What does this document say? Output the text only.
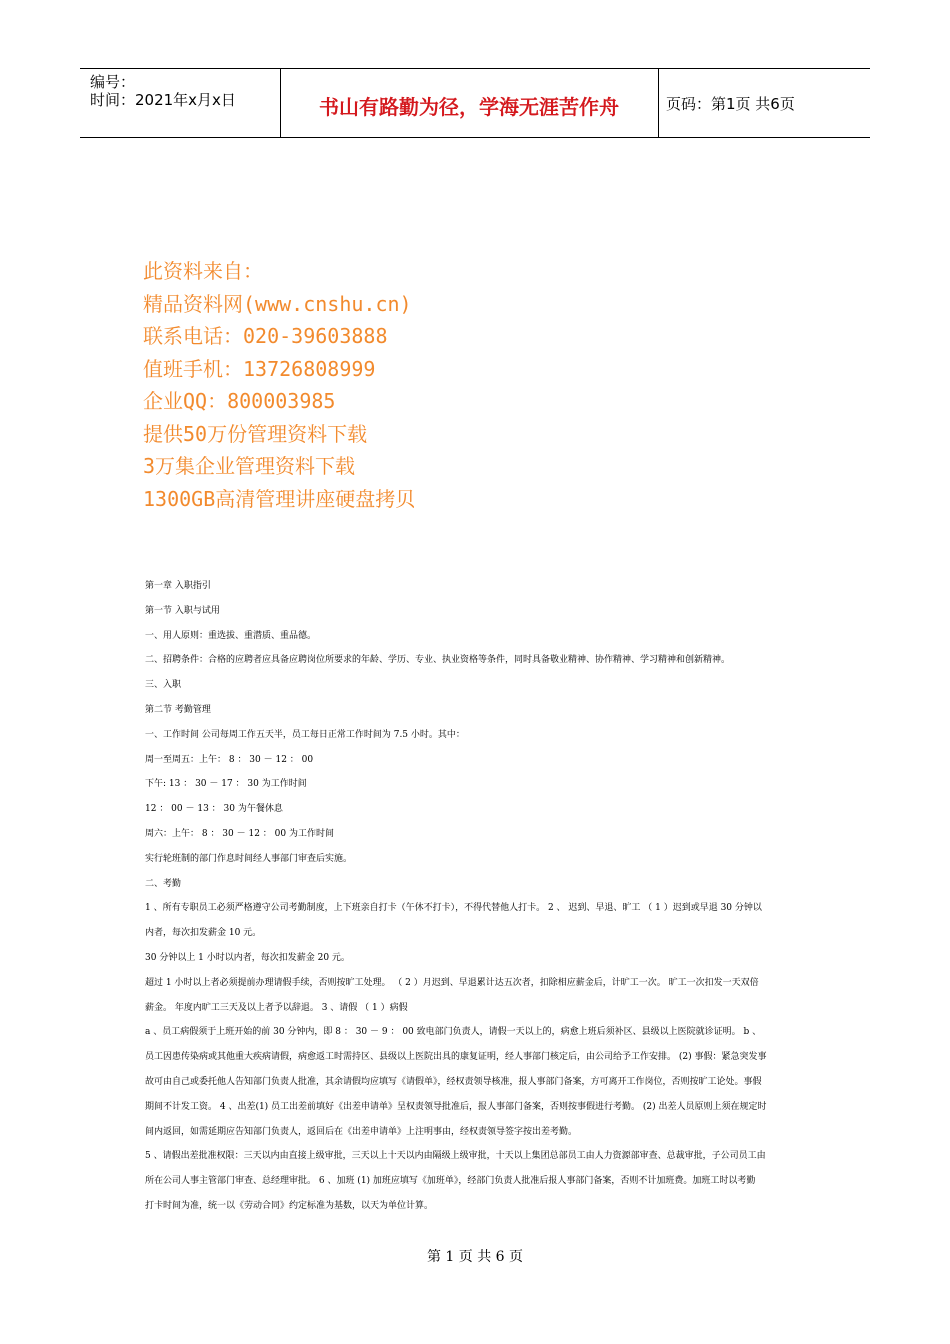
编号：
时间：2021年x月x日	书山有路勤为径，学海无涯苦作舟	页码：第1页 共6页
此资料来自：
精品资料网(www.cnshu.cn)
联系电话：020-39603888
值班手机：13726808999
企业QQ：800003985
提供50万份管理资料下载
3万集企业管理资料下载
1300GB高清管理讲座硬盘拷贝
第一章 入职指引
第一节 入职与试用
一、用人原则：重选拔、重潜质、重品德。
二、招聘条件：合格的应聘者应具备应聘岗位所要求的年龄、学历、专业、执业资格等条件，同时具备敬业精神、协作精神、学习精神和创新精神。
三、入职
第二节 考勤管理
一、工作时间 公司每周工作五天半，员工每日正常工作时间为 7.5 小时。其中：
周一至周五：上午： 8 ： 30 － 12 ： 00
下午: 13 ： 30 － 17 ： 30 为工作时间
12 ： 00 － 13 ： 30 为午餐休息
周六：上午： 8 ： 30 － 12 ： 00 为工作时间
实行轮班制的部门作息时间经人事部门审查后实施。
二、考勤
1 、所有专职员工必须严格遵守公司考勤制度，上下班亲自打卡（午休不打卡），不得代替他人打卡。 2 、 迟到、早退、旷工 （ 1 ）迟到或早退 30 分钟以
内者，每次扣发薪金 10 元。
30 分钟以上 1 小时以内者，每次扣发薪金 20 元。
超过 1 小时以上者必须提前办理请假手续，否则按旷工处理。 （ 2 ）月迟到、早退累计达五次者，扣除相应薪金后，计旷工一次。 旷工一次扣发一天双倍
薪金。 年度内旷工三天及以上者予以辞退。 3 、请假 （ 1 ）病假
a 、员工病假须于上班开始的前 30 分钟内，即 8 ： 30 － 9 ： 00 致电部门负责人，请假一天以上的，病愈上班后须补区、县级以上医院就诊证明。 b 、
员工因患传染病或其他重大疾病请假，病愈返工时需持区、县级以上医院出具的康复证明，经人事部门核定后，由公司给予工作安排。 (2) 事假：紧急突发事
故可由自己或委托他人告知部门负责人批准，其余请假均应填写《请假单》，经权责领导核准，报人事部门备案，方可离开工作岗位，否则按旷工论处。事假
期间不计发工资。 4 、出差(1) 员工出差前填好《出差申请单》呈权责领导批准后，报人事部门备案，否则按事假进行考勤。 (2) 出差人员原则上须在规定时
间内返回，如需延期应告知部门负责人，返回后在《出差申请单》上注明事由，经权责领导签字按出差考勤。
5 、请假出差批准权限：三天以内由直接上级审批，三天以上十天以内由隔级上级审批，十天以上集团总部员工由人力资源部审查、总裁审批，子公司员工由
所在公司人事主管部门审查、总经理审批。 6 、加班 (1) 加班应填写《加班单》，经部门负责人批准后报人事部门备案，否则不计加班费。加班工时以考勤
打卡时间为准，统一以《劳动合同》约定标准为基数，以天为单位计算。
第 1 页 共 6 页
